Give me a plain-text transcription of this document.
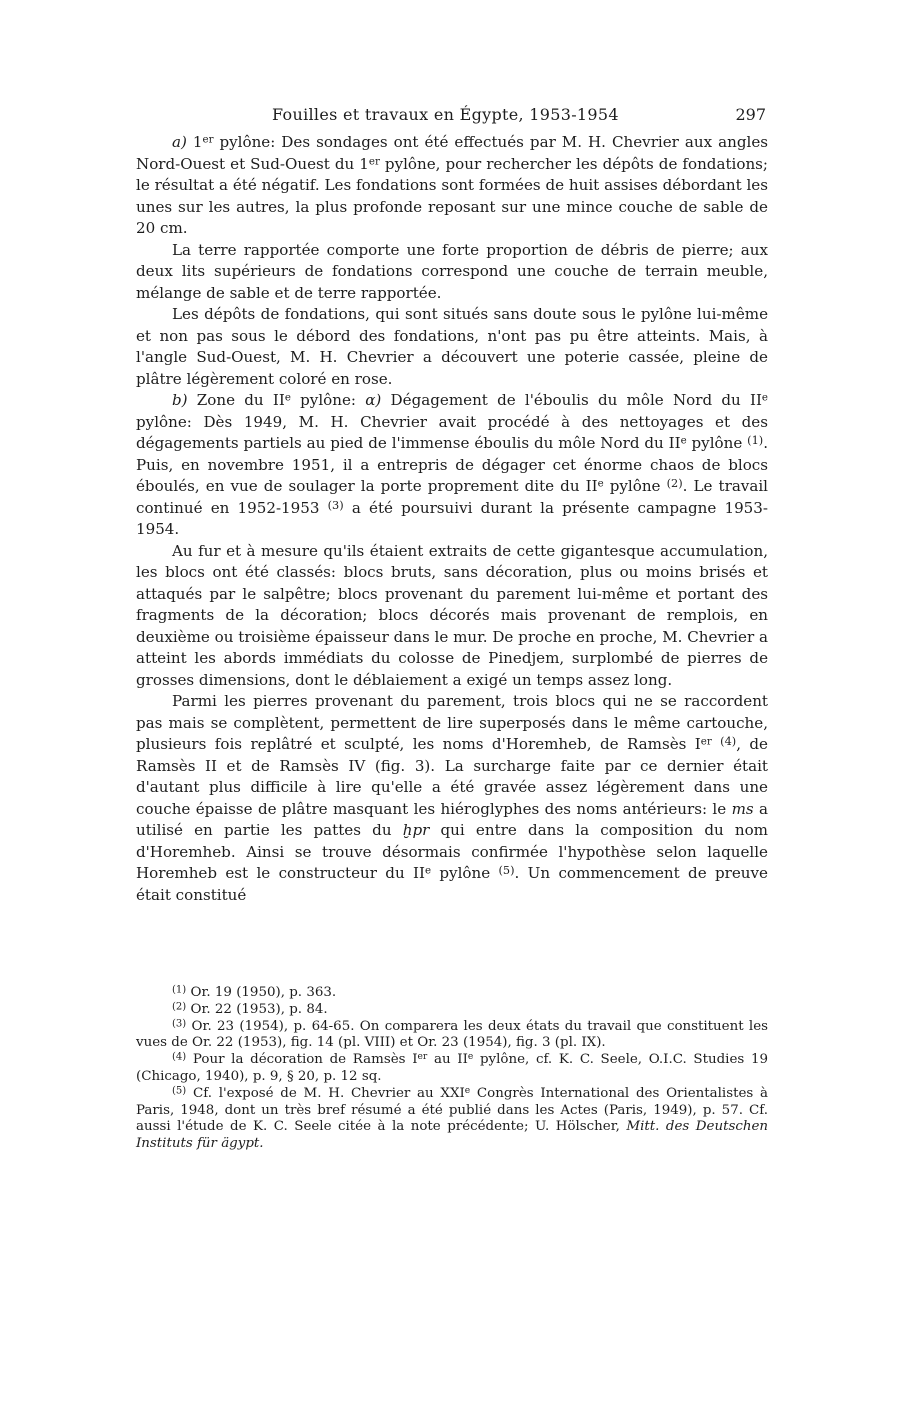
Fouilles et travaux en Égypte, 1953-1954	297

a) 1er pylône: Des sondages ont été effectués par M. H. Chevrier aux angles Nord-Ouest et Sud-Ouest du 1er pylône, pour rechercher les dépôts de fondations; le résultat a été négatif. Les fondations sont formées de huit assises débordant les unes sur les autres, la plus profonde reposant sur une mince couche de sable de 20 cm.

La terre rapportée comporte une forte proportion de débris de pierre; aux deux lits supérieurs de fondations correspond une couche de terrain meuble, mélange de sable et de terre rapportée.

Les dépôts de fondations, qui sont situés sans doute sous le pylône lui-même et non pas sous le débord des fondations, n'ont pas pu être atteints. Mais, à l'angle Sud-Ouest, M. H. Chevrier a découvert une poterie cassée, pleine de plâtre légèrement coloré en rose.

b) Zone du IIe pylône: α) Dégagement de l'éboulis du môle Nord du IIe pylône: Dès 1949, M. H. Chevrier avait procédé à des nettoyages et des dégagements partiels au pied de l'immense éboulis du môle Nord du IIe pylône $^{(1)}$. Puis, en novembre 1951, il a entrepris de dégager cet énorme chaos de blocs éboulés, en vue de soulager la porte proprement dite du IIe pylône $^{(2)}$. Le travail continué en 1952-1953 $^{(3)}$ a été poursuivi durant la présente campagne 1953-1954.

Au fur et à mesure qu'ils étaient extraits de cette gigantesque accumulation, les blocs ont été classés: blocs bruts, sans décoration, plus ou moins brisés et attaqués par le salpêtre; blocs provenant du parement lui-même et portant des fragments de la décoration; blocs décorés mais provenant de remplois, en deuxième ou troisième épaisseur dans le mur. De proche en proche, M. Chevrier a atteint les abords immédiats du colosse de Pinedjem, surplombé de pierres de grosses dimensions, dont le déblaiement a exigé un temps assez long.

Parmi les pierres provenant du parement, trois blocs qui ne se raccordent pas mais se complètent, permettent de lire superposés dans le même cartouche, plusieurs fois replâtré et sculpté, les noms d'Horemheb, de Ramsès Ier $^{(4)}$, de Ramsès II et de Ramsès IV (fig. 3). La surcharge faite par ce dernier était d'autant plus difficile à lire qu'elle a été gravée assez légèrement dans une couche épaisse de plâtre masquant les hiéroglyphes des noms antérieurs: le ms a utilisé en partie les pattes du ḫpr qui entre dans la composition du nom d'Horemheb. Ainsi se trouve désormais confirmée l'hypothèse selon laquelle Horemheb est le constructeur du IIe pylône $^{(5)}$. Un commencement de preuve était constitué

$^{(1)}$ Or. 19 (1950), p. 363.

$^{(2)}$ Or. 22 (1953), p. 84.

$^{(3)}$ Or. 23 (1954), p. 64-65. On comparera les deux états du travail que constituent les vues de Or. 22 (1953), fig. 14 (pl. VIII) et Or. 23 (1954), fig. 3 (pl. IX).

$^{(4)}$ Pour la décoration de Ramsès Ier au IIe pylône, cf. K. C. Seele, O.I.C. Studies 19 (Chicago, 1940), p. 9, § 20, p. 12 sq.

$^{(5)}$ Cf. l'exposé de M. H. Chevrier au XXIe Congrès International des Orientalistes à Paris, 1948, dont un très bref résumé a été publié dans les Actes (Paris, 1949), p. 57. Cf. aussi l'étude de K. C. Seele citée à la note précédente; U. Hölscher, Mitt. des Deutschen Instituts für ägypt.
